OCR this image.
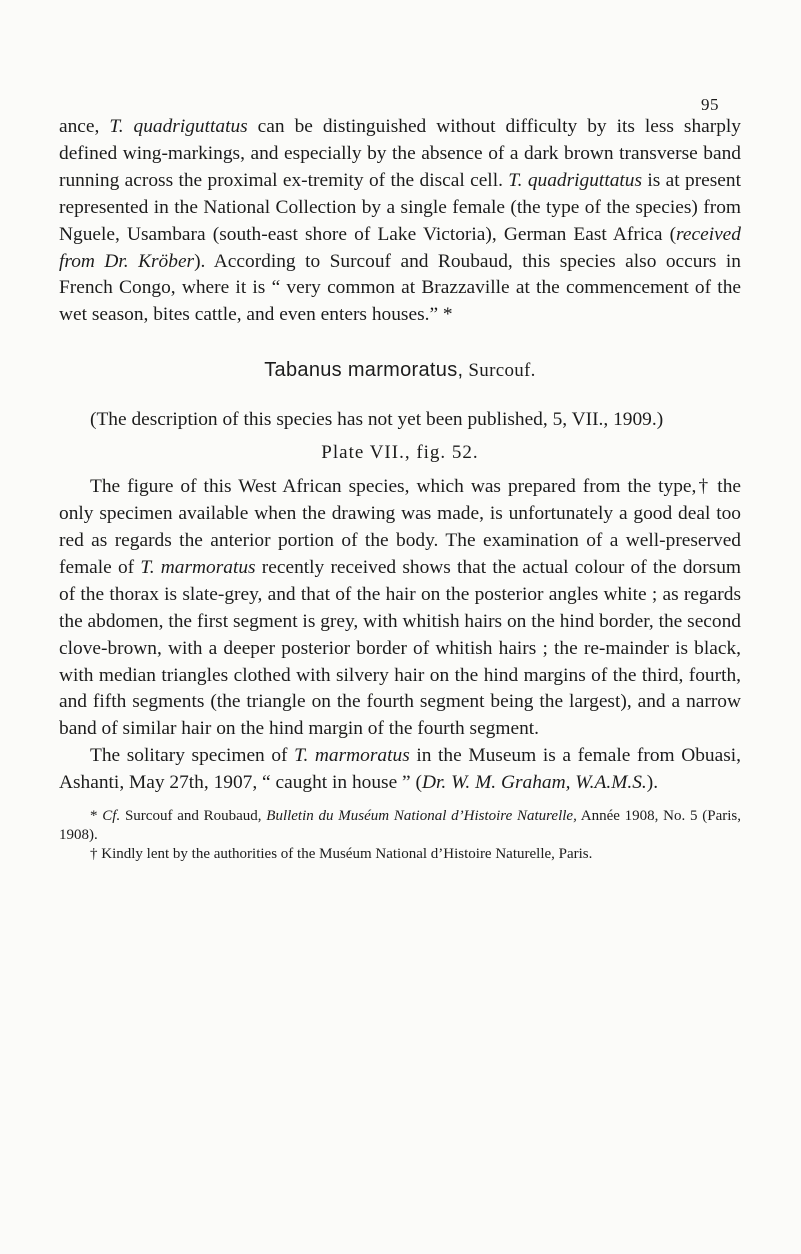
95

ance, T. quadriguttatus can be distinguished without difficulty by its less sharply defined wing-markings, and especially by the absence of a dark brown transverse band running across the proximal ex-tremity of the discal cell. T. quadriguttatus is at present represented in the National Collection by a single female (the type of the species) from Nguele, Usambara (south-east shore of Lake Victoria), German East Africa (received from Dr. Kröber). According to Surcouf and Roubaud, this species also occurs in French Congo, where it is “ very common at Brazzaville at the commencement of the wet season, bites cattle, and even enters houses.” *

Tabanus marmoratus, Surcouf.

(The description of this species has not yet been published, 5, VII., 1909.)

Plate VII., fig. 52.

The figure of this West African species, which was prepared from the type,† the only specimen available when the drawing was made, is unfortunately a good deal too red as regards the anterior portion of the body. The examination of a well-preserved female of T. marmoratus recently received shows that the actual colour of the dorsum of the thorax is slate-grey, and that of the hair on the posterior angles white ; as regards the abdomen, the first segment is grey, with whitish hairs on the hind border, the second clove-brown, with a deeper posterior border of whitish hairs ; the re-mainder is black, with median triangles clothed with silvery hair on the hind margins of the third, fourth, and fifth segments (the triangle on the fourth segment being the largest), and a narrow band of similar hair on the hind margin of the fourth segment.

The solitary specimen of T. marmoratus in the Museum is a female from Obuasi, Ashanti, May 27th, 1907, “ caught in house ” (Dr. W. M. Graham, W.A.M.S.).

* Cf. Surcouf and Roubaud, Bulletin du Muséum National d’Histoire Naturelle, Année 1908, No. 5 (Paris, 1908).

† Kindly lent by the authorities of the Muséum National d’Histoire Naturelle, Paris.
